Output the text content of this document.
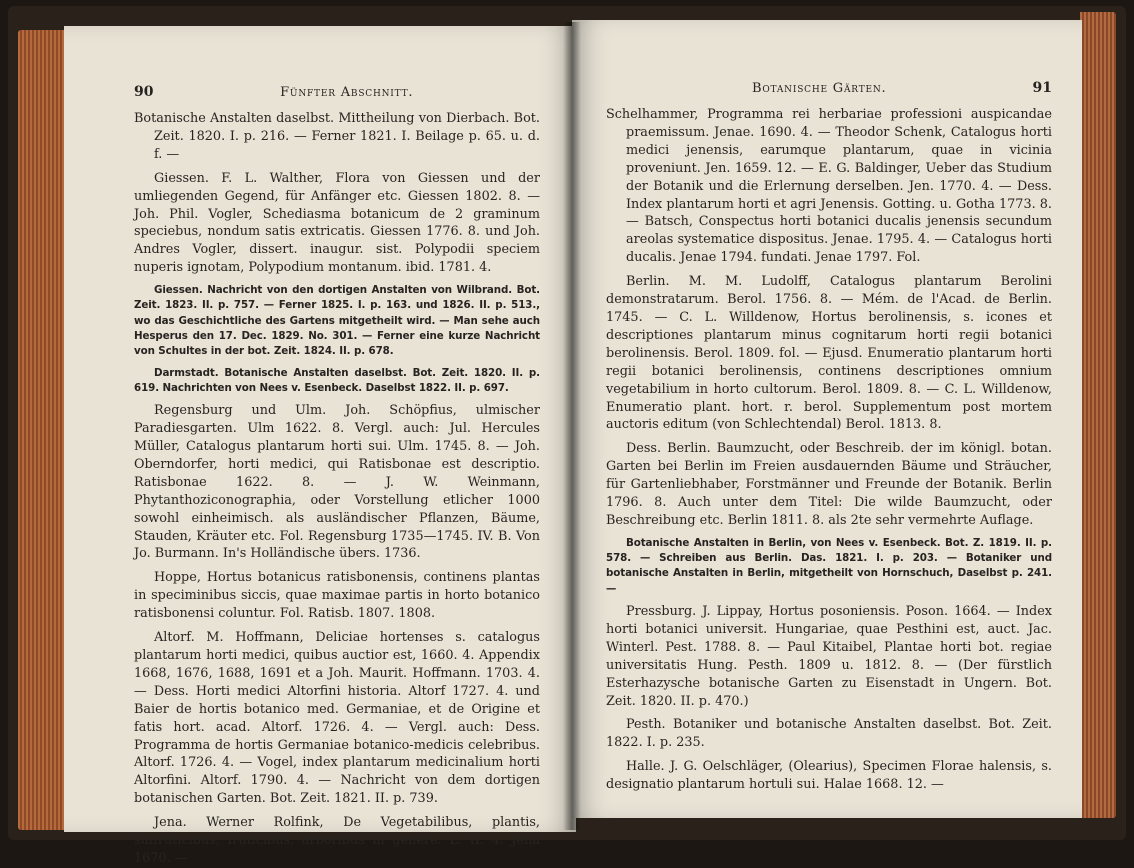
90	Fünfter Abschnitt.

Botanische Anstalten daselbst. Mittheilung von Dierbach. Bot. Zeit. 1820. I. p. 216. — Ferner 1821. I. Beilage p. 65. u. d. f. —

Giessen. F. L. Walther, Flora von Giessen und der umliegenden Gegend, für Anfänger etc. Giessen 1802. 8. — Joh. Phil. Vogler, Schediasma botanicum de 2 graminum speciebus, nondum satis extricatis. Giessen 1776. 8. und Joh. Andres Vogler, dissert. inaugur. sist. Polypodii speciem nuperis ignotam, Polypodium montanum. ibid. 1781. 4.

Giessen. Nachricht von den dortigen Anstalten von Wilbrand. Bot. Zeit. 1823. II. p. 757. — Ferner 1825. I. p. 163. und 1826. II. p. 513., wo das Geschichtliche des Gartens mitgetheilt wird. — Man sehe auch Hesperus den 17. Dec. 1829. No. 301. — Ferner eine kurze Nachricht von Schultes in der bot. Zeit. 1824. II. p. 678.

Darmstadt. Botanische Anstalten daselbst. Bot. Zeit. 1820. II. p. 619. Nachrichten von Nees v. Esenbeck. Daselbst 1822. II. p. 697.

Regensburg und Ulm. Joh. Schöpfius, ulmischer Paradiesgarten. Ulm 1622. 8. Vergl. auch: Jul. Hercules Müller, Catalogus plantarum horti sui. Ulm. 1745. 8. — Joh. Oberndorfer, horti medici, qui Ratisbonae est descriptio. Ratisbonae 1622. 8. — J. W. Weinmann, Phytanthoziconographia, oder Vorstellung etlicher 1000 sowohl einheimisch. als ausländischer Pflanzen, Bäume, Stauden, Kräuter etc. Fol. Regensburg 1735—1745. IV. B. Von Jo. Burmann. In's Holländische übers. 1736.

Hoppe, Hortus botanicus ratisbonensis, continens plantas in speciminibus siccis, quae maximae partis in horto botanico ratisbonensi coluntur. Fol. Ratisb. 1807. 1808.

Altorf. M. Hoffmann, Deliciae hortenses s. catalogus plantarum horti medici, quibus auctior est, 1660. 4. Appendix 1668, 1676, 1688, 1691 et a Joh. Maurit. Hoffmann. 1703. 4. — Dess. Horti medici Altorfini historia. Altorf 1727. 4. und Baier de hortis botanico med. Germaniae, et de Origine et fatis hort. acad. Altorf. 1726. 4. — Vergl. auch: Dess. Programma de hortis Germaniae botanico-medicis celebribus. Altorf. 1726. 4. — Vogel, index plantarum medicinalium horti Altorfini. Altorf. 1790. 4. — Nachricht von dem dortigen botanischen Garten. Bot. Zeit. 1821. II. p. 739.

Jena. Werner Rolfink, De Vegetabilibus, plantis, suffruticibus, fruticibus, arboribus in genere. L. II. 4. Jena 1670. —

Botanische Gärten.	91

Schelhammer, Programma rei herbariae professioni auspicandae praemissum. Jenae. 1690. 4. — Theodor Schenk, Catalogus horti medici jenensis, earumque plantarum, quae in vicinia proveniunt. Jen. 1659. 12. — E. G. Baldinger, Ueber das Studium der Botanik und die Erlernung derselben. Jen. 1770. 4. — Dess. Index plantarum horti et agri Jenensis. Gotting. u. Gotha 1773. 8. — Batsch, Conspectus horti botanici ducalis jenensis secundum areolas systematice dispositus. Jenae. 1795. 4. — Catalogus horti ducalis. Jenae 1794. fundati. Jenae 1797. Fol.

Berlin. M. M. Ludolff, Catalogus plantarum Berolini demonstratarum. Berol. 1756. 8. — Mém. de l'Acad. de Berlin. 1745. — C. L. Willdenow, Hortus berolinensis, s. icones et descriptiones plantarum minus cognitarum horti regii botanici berolinensis. Berol. 1809. fol. — Ejusd. Enumeratio plantarum horti regii botanici berolinensis, continens descriptiones omnium vegetabilium in horto cultorum. Berol. 1809. 8. — C. L. Willdenow, Enumeratio plant. hort. r. berol. Supplementum post mortem auctoris editum (von Schlechtendal) Berol. 1813. 8.

Dess. Berlin. Baumzucht, oder Beschreib. der im königl. botan. Garten bei Berlin im Freien ausdauernden Bäume und Sträucher, für Gartenliebhaber, Forstmänner und Freunde der Botanik. Berlin 1796. 8. Auch unter dem Titel: Die wilde Baumzucht, oder Beschreibung etc. Berlin 1811. 8. als 2te sehr vermehrte Auflage.

Botanische Anstalten in Berlin, von Nees v. Esenbeck. Bot. Z. 1819. II. p. 578. — Schreiben aus Berlin. Das. 1821. I. p. 203. — Botaniker und botanische Anstalten in Berlin, mitgetheilt von Hornschuch, Daselbst p. 241. —

Pressburg. J. Lippay, Hortus posoniensis. Poson. 1664. — Index horti botanici universit. Hungariae, quae Pesthini est, auct. Jac. Winterl. Pest. 1788. 8. — Paul Kitaibel, Plantae horti bot. regiae universitatis Hung. Pesth. 1809 u. 1812. 8. — (Der fürstlich Esterhazysche botanische Garten zu Eisenstadt in Ungern. Bot. Zeit. 1820. II. p. 470.)

Pesth. Botaniker und botanische Anstalten daselbst. Bot. Zeit. 1822. I. p. 235.

Halle. J. G. Oelschläger, (Olearius), Specimen Florae halensis, s. designatio plantarum hortuli sui. Halae 1668. 12. —
